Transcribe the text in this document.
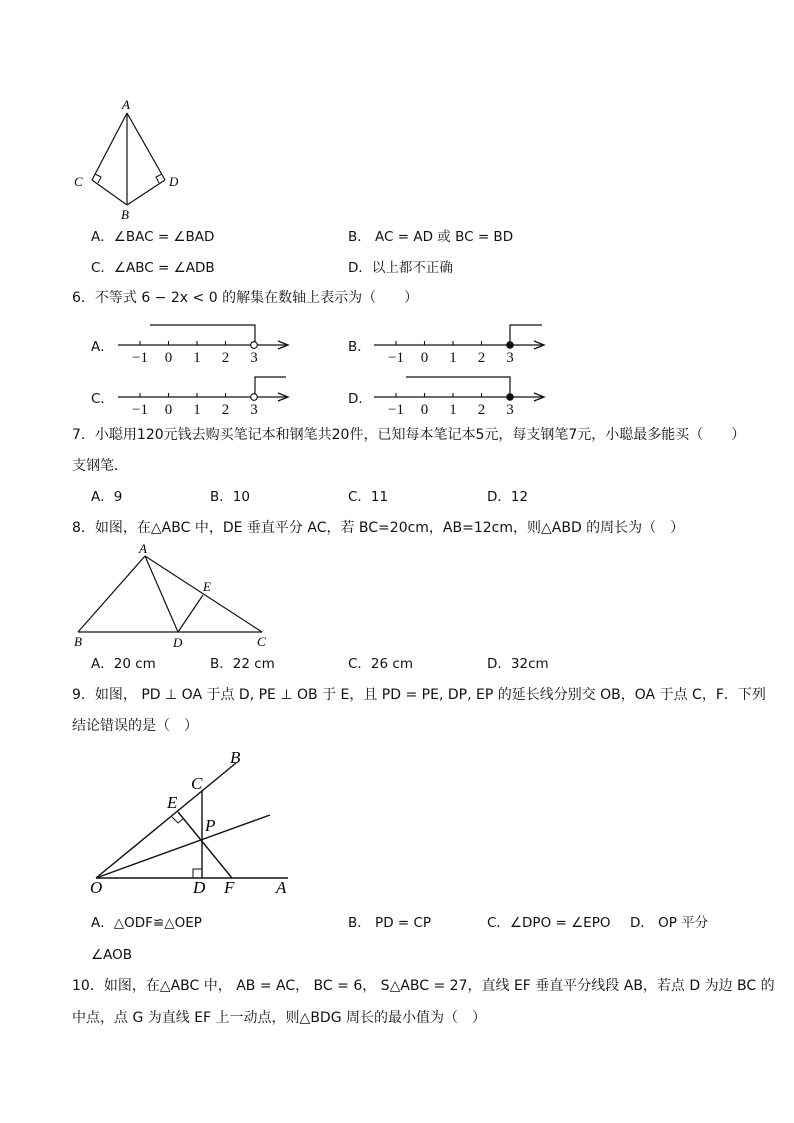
A
C	D
B
A．∠BAC = ∠BAD	B． AC = AD 或 BC = BD
C．∠ABC = ∠ADB	D．以上都不正确
6．不等式 6 − 2x < 0 的解集在数轴上表示为（　　）
A．	B．
C．	D．
−1 0 1 2 3	−1 0 1 2 3
−1 0 1 2 3	−1 0 1 2 3
7．小聪用120元钱去购买笔记本和钢笔共20件，已知每本笔记本5元，每支钢笔7元，小聪最多能买（　　）
支钢笔．
A．9	B．10	C．11	D．12
8．如图，在△ABC 中，DE 垂直平分 AC，若 BC=20cm，AB=12cm，则△ABD 的周长为（　）
A
E
B	D	C
A．20 cm	B．22 cm	C．26 cm	D．32cm
9．如图， PD ⊥ OA 于点 D, PE ⊥ OB 于 E，且 PD = PE, DP, EP 的延长线分别交 OB，OA 于点 C，F．下列
结论错误的是（　）
B
C
E
P
O	D F A
A．△ODF≌△OEP	B． PD = CP	C．∠DPO = ∠EPO D． OP 平分
∠AOB
10．如图，在△ABC 中， AB = AC， BC = 6， S△ABC = 27，直线 EF 垂直平分线段 AB，若点 D 为边 BC 的
中点，点 G 为直线 EF 上一动点，则△BDG 周长的最小值为（　）
